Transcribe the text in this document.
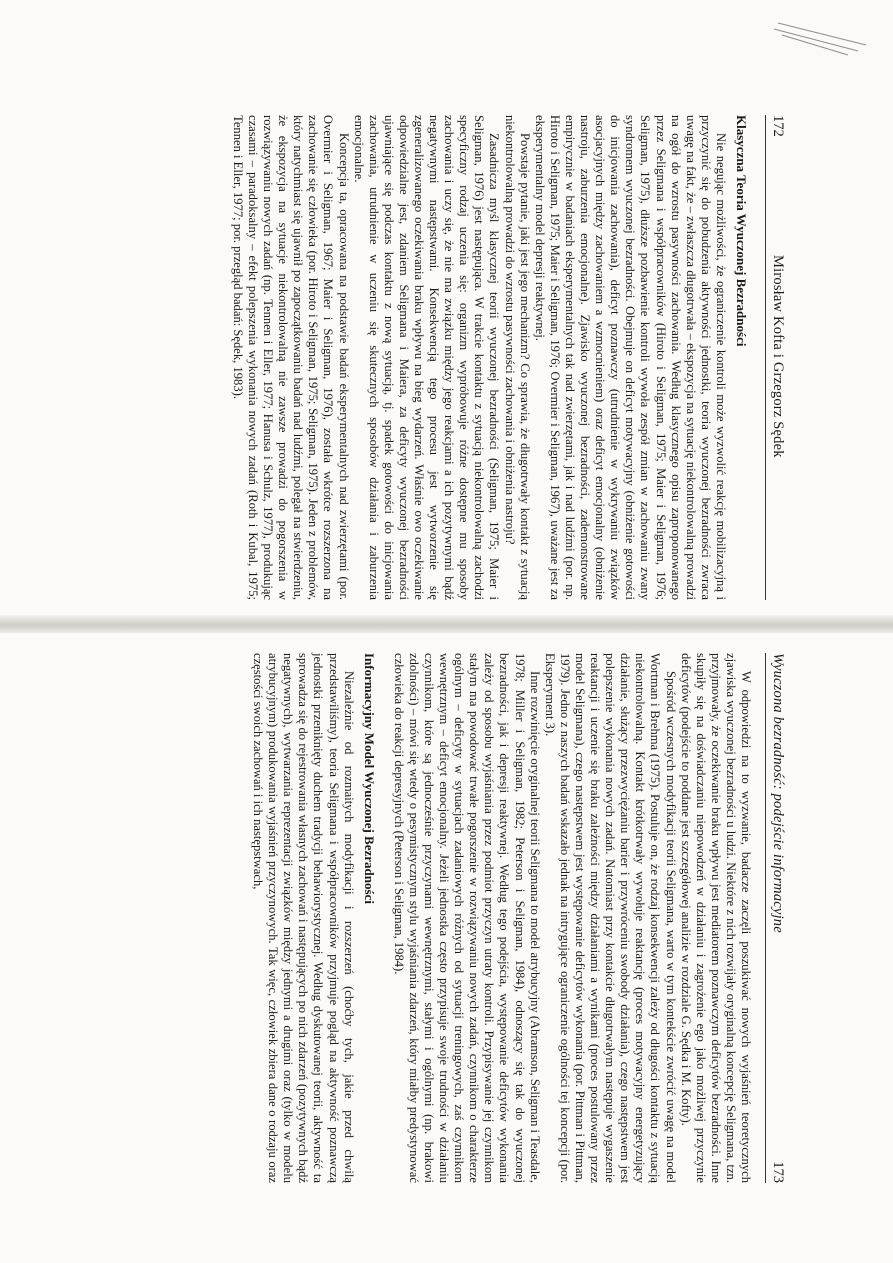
172
Mirosław Kofta i Grzegorz Sędek
Klasyczna Teoria Wyuczonej Bezradności

Nie negując możliwości, że ograniczenie kontroli może wyzwolić reakcję mobilizacyjną i przyczynić się do pobudzenia aktywności jednostki, teoria wyuczonej bezradności zwraca uwagę na fakt, że – zwłaszcza długotrwała – ekspozycja na sytuację niekontrolowalną prowadzi na ogół do wzrostu pasywności zachowania. Według klasycznego opisu zaproponowanego przez Seligmana i współpracowników (Hiroto i Seligman, 1975; Maier i Seligman, 1976; Seligman, 1975), dłuższe pozbawienie kontroli wywoła zespół zmian w zachowaniu zwany syndromem wyuczonej bezradności. Obejmuje on deficyt motywacyjny (obniżenie gotowości do inicjowania zachowania), deficyt poznawczy (utrudnienie w wykrywaniu związków asocjacyjnych między zachowaniem a wzmocnieniem) oraz deficyt emocjonalny (obniżenie nastroju, zaburzenia emocjonalne). Zjawisko wyuczonej bezradności, zademonstrowane empirycznie w badaniach eksperymentalnych tak nad zwierzętami, jak i nad ludźmi (por. np. Hiroto i Seligman, 1975; Maier i Seligman, 1976; Overmier i Seligman, 1967), uważane jest za eksperymentalny model depresji reaktywnej.

Powstaje pytanie, jaki jest jego mechanizm? Co sprawia, że długotrwały kontakt z sytuacją niekontrolowalną prowadzi do wzrostu pasywności zachowania i obniżenia nastroju?

Zasadnicza myśl klasycznej teorii wyuczonej bezradności (Seligman, 1975; Maier i Seligman, 1976) jest następująca. W trakcie kontaktu z sytuacją niekontrolowalną zachodzi specyficzny rodzaj uczenia się: organizm wypróbowuje różne dostępne mu sposoby zachowania i uczy się, że nie ma związku między jego reakcjami a ich pozytywnymi bądź negatywnymi następstwami. Konsekwencją tego procesu jest wytworzenie się zgeneralizowanego oczekiwania braku wpływu na bieg wydarzeń. Właśnie owo oczekiwanie odpowiedzialne jest, zdaniem Seligmana i Maiera, za deficyty wyuczonej bezradności ujawniające się podczas kontaktu z nową sytuacją, tj. spadek gotowości do inicjowania zachowania, utrudnienie w uczeniu się skutecznych sposobów działania i zaburzenia emocjonalne.

Koncepcja ta, opracowana na podstawie badań eksperymentalnych nad zwierzętami (por. Overmier i Seligman, 1967; Maier i Seligman, 1976), została wkrótce rozszerzona na zachowanie się człowieka (por. Hiroto i Seligman, 1975; Seligman, 1975). Jeden z problemów, który natychmiast się ujawnił po zapoczątkowaniu badań nad ludźmi, polegał na stwierdzeniu, że ekspozycja na sytuacje niekontrolowalną nie zawsze prowadzi do pogorszenia w rozwiązywaniu nowych zadań (np. Tennen i Eller, 1977; Hanusa i Schulz, 1977), produkując czasami – paradoksalny – efekt polepszenia wykonania nowych zadań (Roth i Kubal, 1975; Tennen i Eller, 1977; por. przegląd badań: Sędek, 1983).

Wyuczona bezradność: podejście informacyjne
173

W odpowiedzi na to wyzwanie, badacze zaczęli poszukiwać nowych wyjaśnień teoretycznych zjawiska wyuczonej bezradności u ludzi. Niektóre z nich rozwijały oryginalną koncepcję Seligmana, tzn. przyjmowały, że oczekiwanie braku wpływu jest mediatorem poznawczym deficytów bezradności. Inne skupiły się na doświadczaniu niepowodzeń w działaniu i zagrożenie ego jako możliwej przyczynie deficytów (podejście to poddane jest szczegółowej analizie w rozdziale G. Sędka i M. Kofty).

Spośród wczesnych modyfikacji teorii Seligmana, warto w tym kontekście zwrócić uwagę na model Wortman i Brehma (1975). Postuluje on, że rodzaj konsekwencji zależy od długości kontaktu z sytuacją niekontrolowalną. Kontakt krótkotrwały wywołuje reaktancję (proces motywacyjny energetyzujący działanie, służący przezwyciężaniu barier i przywróceniu swobody działania), czego następstwem jest polepszenie wykonania nowych zadań. Natomiast przy kontakcie długotrwałym następuje wygaszenie reaktancji i uczenie się braku zależności między działaniami a wynikami (proces postulowany przez model Seligmana), czego następstwem jest występowanie deficytów wykonania (por. Pittman i Pittman, 1979). Jedno z naszych badań wskazało jednak na intrygujące ograniczenie ogólności tej koncepcji (por. Eksperyment 3).

Inne rozwinięcie oryginalnej teorii Seligmana to model atrybucyjny (Abramson, Seligman i Teasdale, 1978; Miller i Seligman, 1982; Peterson i Seligman, 1984), odnoszący się tak do wyuczonej bezradności, jak i depresji reaktywnej. Według tego podejścia, występowanie deficytów wykonania zależy od sposobu wyjaśniania przez podmiot przyczyn utraty kontroli. Przypisywanie jej czynnikom stałym ma powodować trwałe pogorszenie w rozwiązywaniu nowych zadań, czynnikom o charakterze ogólnym – deficyty w sytuacjach zadaniowych różnych od sytuacji treningowych, zaś czynnikom wewnętrznym – deficyt emocjonalny. Jeżeli jednostka często przypisuje swoje trudności w działaniu czynnikom, które są jednocześnie przyczynami wewnętrznymi, stałymi i ogólnymi (np. brakowi zdolności) – mówi się wtedy o pesymistycznym stylu wyjaśniania zdarzeń, który miałby predystynować człowieka do reakcji depresyjnych (Peterson i Seligman, 1984).

Informacyjny Model Wyuczonej Bezradności

Niezależnie od rozmaitych modyfikacji i rozszerzeń (choćby tych, jakie przed chwilą przedstawiliśmy), teoria Seligmana i współpracowników przyjmuje pogląd na aktywność poznawczą jednostki przeniknięty duchem tradycji behawiorystycznej. Według dyskutowanej teorii, aktywność ta sprowadza się do rejestrowania własnych zachowań i następujących po nich zdarzeń (pozytywnych bądź negatywnych), wytwarzania reprezentacji związków między jednymi a drugimi oraz (tylko w modelu atrybucyjnym) produkowania wyjaśnień przyczynowych. Tak więc, człowiek zbiera dane o rodzaju oraz częstości swoich zachowań i ich następstwach,
